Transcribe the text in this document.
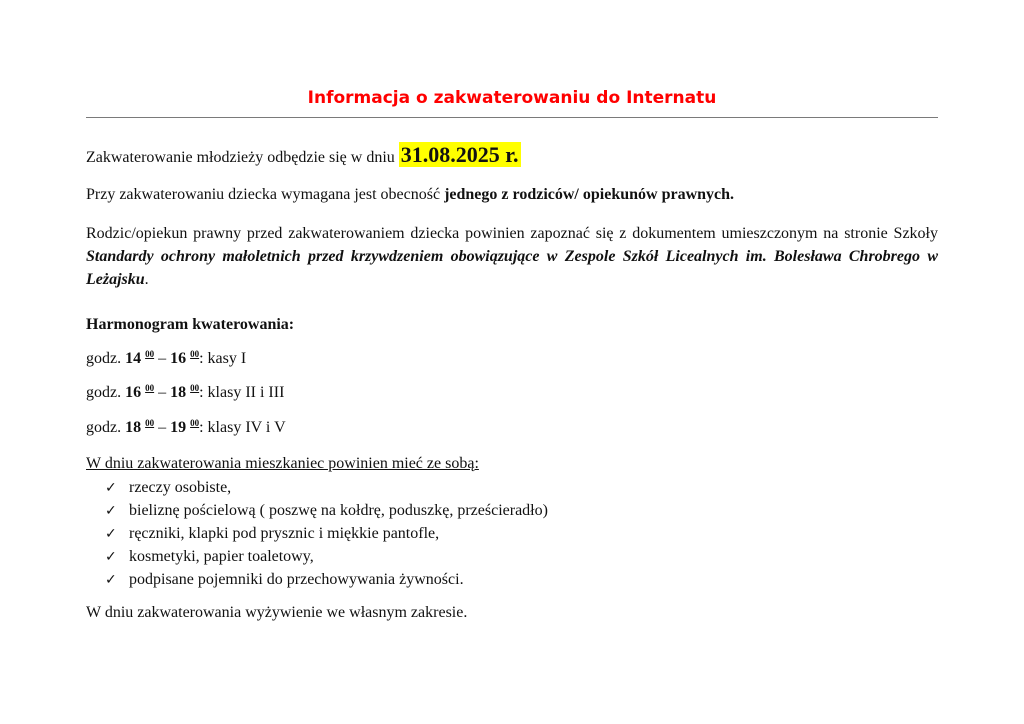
Informacja o zakwaterowaniu do Internatu
Zakwaterowanie młodzieży odbędzie się w dniu 31.08.2025 r.
Przy zakwaterowaniu dziecka wymagana jest obecność jednego z rodziców/ opiekunów prawnych.
Rodzic/opiekun prawny przed zakwaterowaniem dziecka powinien zapoznać się z dokumentem umieszczonym na stronie Szkoły Standardy ochrony małoletnich przed krzywdzeniem obowiązujące w Zespole Szkół Licealnych im. Bolesława Chrobrego w Leżajsku.
Harmonogram kwaterowania:
godz. 14 $^{00}$ – 16 $^{00}$: kasy I
godz. 16 $^{00}$ – 18 $^{00}$: klasy II i III
godz. 18 $^{00}$ – 19 $^{00}$: klasy IV i V
W dniu zakwaterowania mieszkaniec powinien mieć ze sobą:
✓ rzeczy osobiste,
✓ bieliznę pościelową ( poszwę na kołdrę, poduszkę, prześcieradło)
✓ ręczniki, klapki pod prysznic i miękkie pantofle,
✓ kosmetyki, papier toaletowy,
✓ podpisane pojemniki do przechowywania żywności.
W dniu zakwaterowania wyżywienie we własnym zakresie.
